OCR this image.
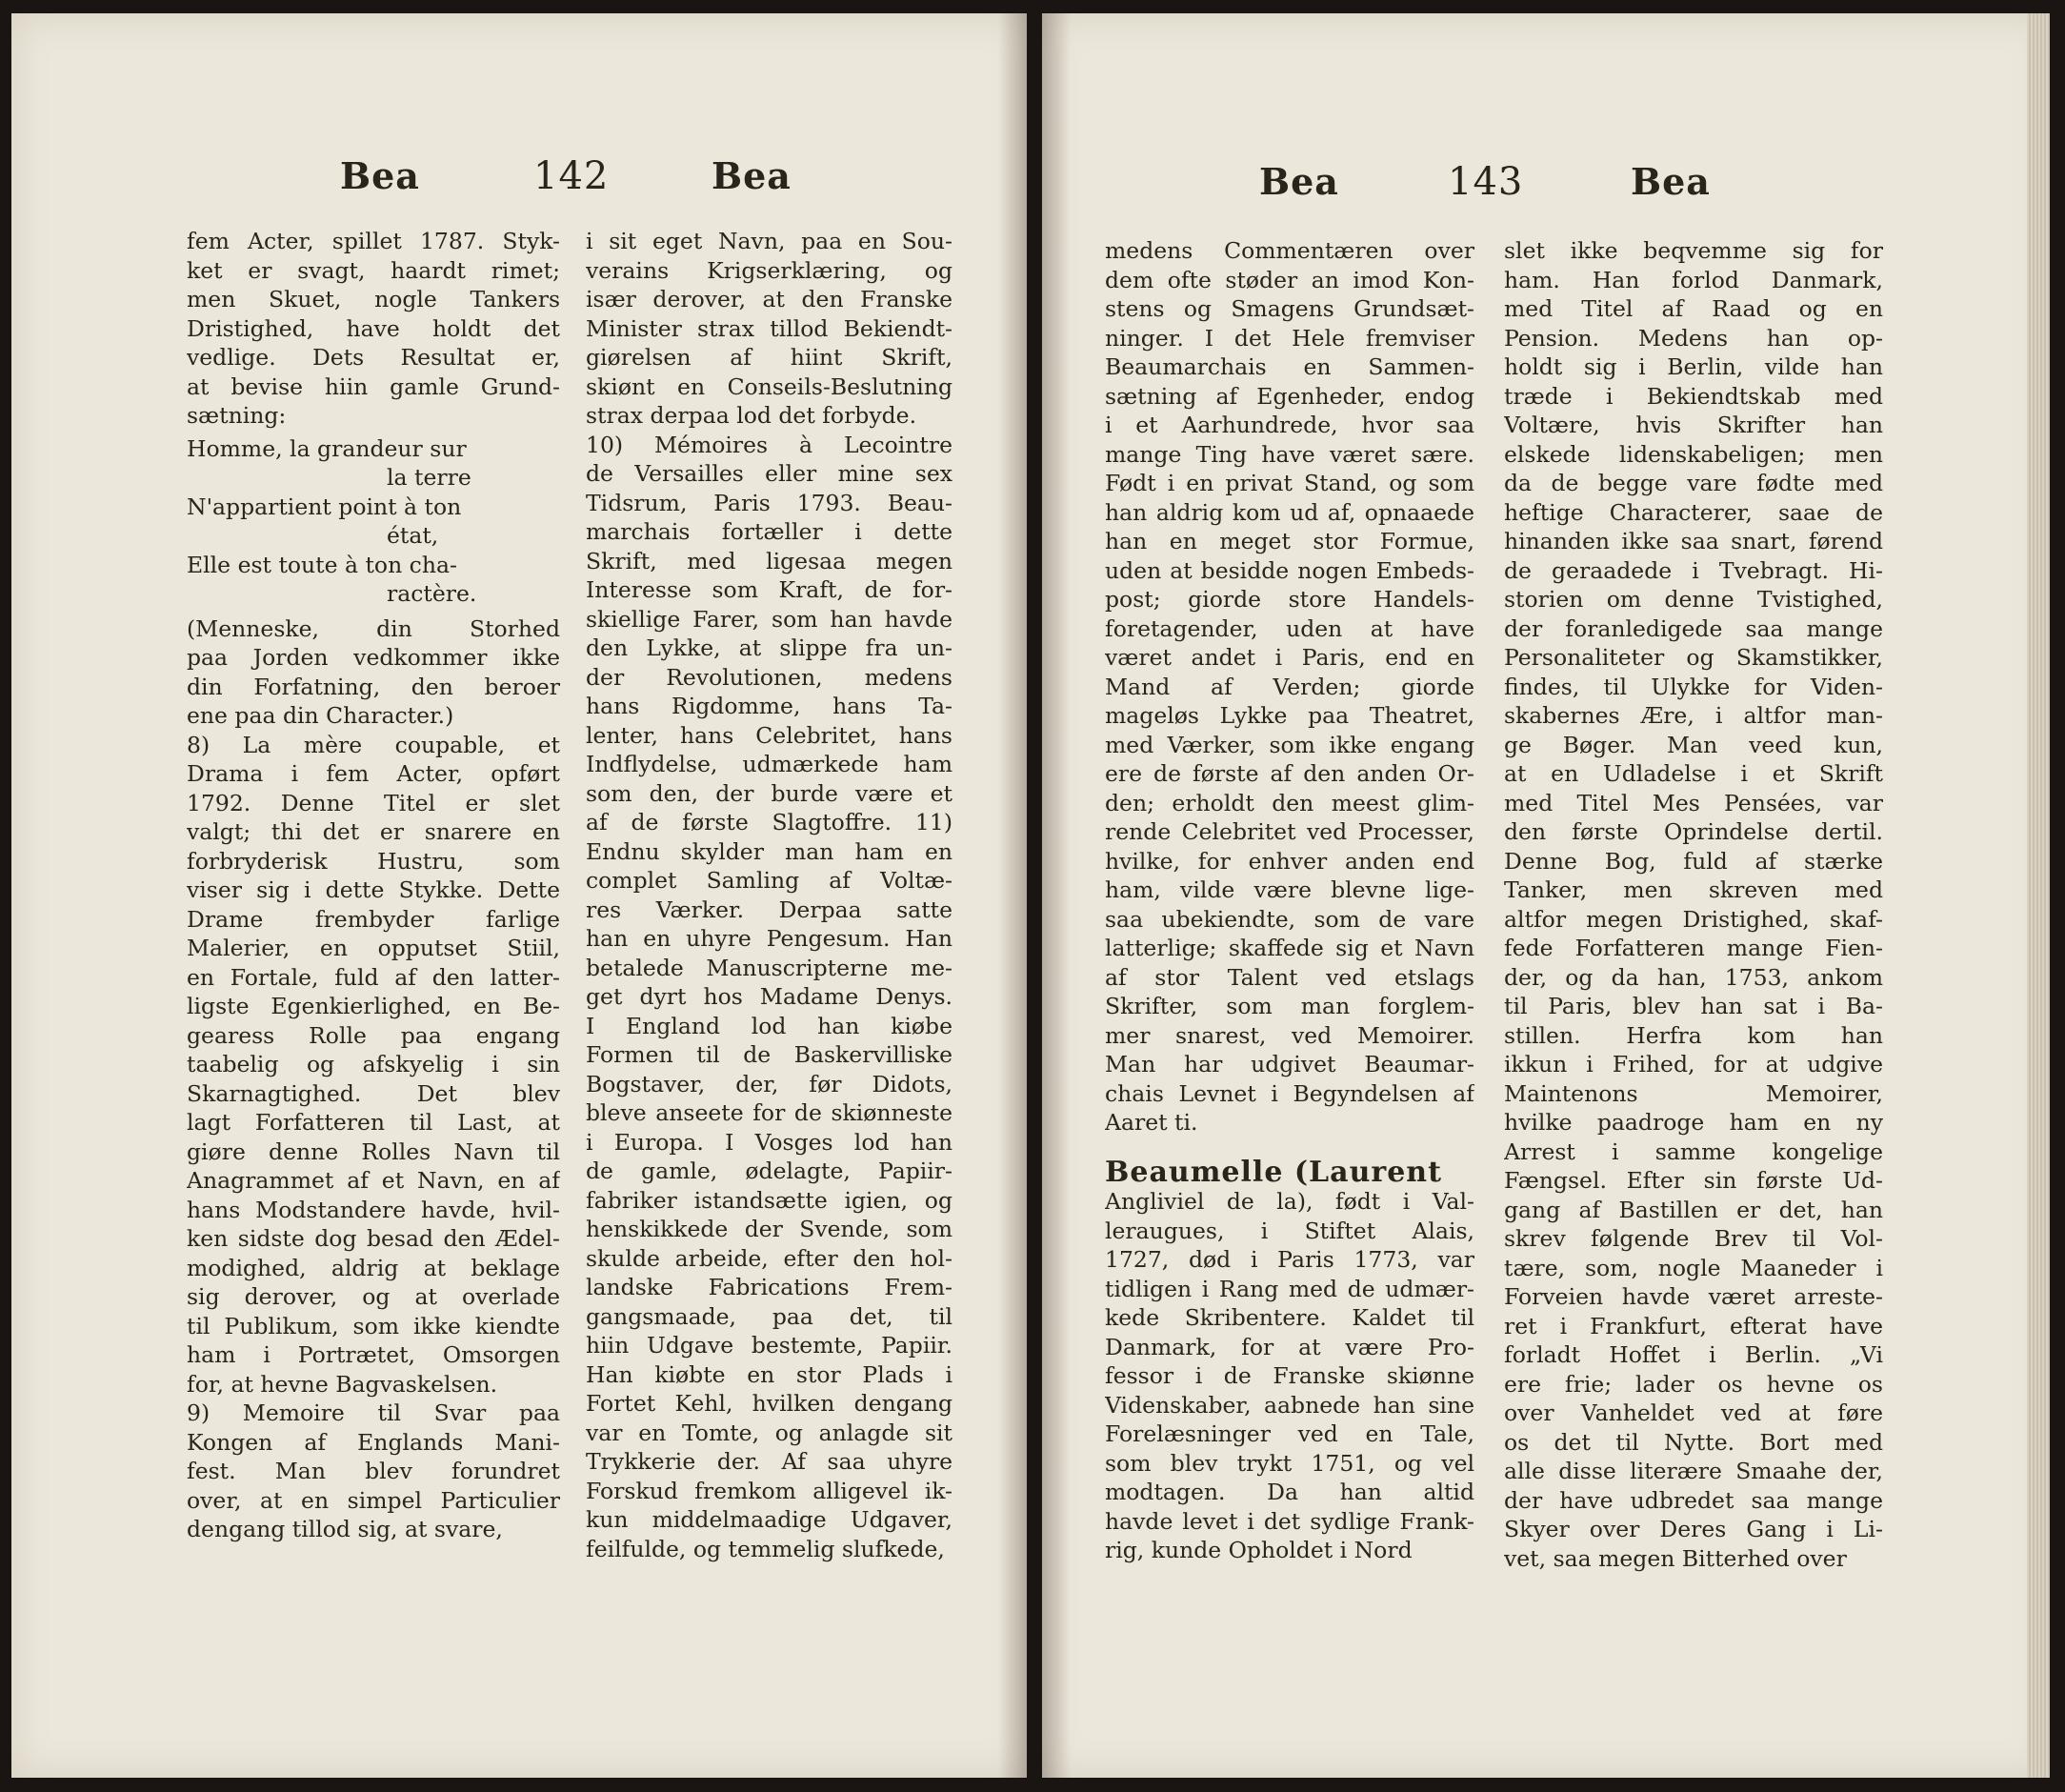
Bea	142	Bea
fem Acter, spillet 1787. Styk-
ket er svagt, haardt rimet;
men Skuet, nogle Tankers
Dristighed, have holdt det
vedlige. Dets Resultat er,
at bevise hiin gamle Grund-
sætning:
Homme, la grandeur sur
la terre
N'appartient point à ton
état,
Elle est toute à ton cha-
ractère.
(Menneske, din Storhed
paa Jorden vedkommer ikke
din Forfatning, den beroer
ene paa din Character.)
8) La mère coupable, et
Drama i fem Acter, opført
1792. Denne Titel er slet
valgt; thi det er snarere en
forbryderisk Hustru, som
viser sig i dette Stykke. Dette
Drame frembyder farlige
Malerier, en opputset Stiil,
en Fortale, fuld af den latter-
ligste Egenkierlighed, en Be-
gearess Rolle paa engang
taabelig og afskyelig i sin
Skarnagtighed. Det blev
lagt Forfatteren til Last, at
giøre denne Rolles Navn til
Anagrammet af et Navn, en af
hans Modstandere havde, hvil-
ken sidste dog besad den Ædel-
modighed, aldrig at beklage
sig derover, og at overlade
til Publikum, som ikke kiendte
ham i Portrætet, Omsorgen
for, at hevne Bagvaskelsen.
9) Memoire til Svar paa
Kongen af Englands Mani-
fest. Man blev forundret
over, at en simpel Particulier
dengang tillod sig, at svare,
i sit eget Navn, paa en Sou-
verains Krigserklæring, og
især derover, at den Franske
Minister strax tillod Bekiendt-
giørelsen af hiint Skrift,
skiønt en Conseils-Beslutning
strax derpaa lod det forbyde.
10) Mémoires à Lecointre
de Versailles eller mine sex
Tidsrum, Paris 1793. Beau-
marchais fortæller i dette
Skrift, med ligesaa megen
Interesse som Kraft, de for-
skiellige Farer, som han havde
den Lykke, at slippe fra un-
der Revolutionen, medens
hans Rigdomme, hans Ta-
lenter, hans Celebritet, hans
Indflydelse, udmærkede ham
som den, der burde være et
af de første Slagtoffre. 11)
Endnu skylder man ham en
complet Samling af Voltæ-
res Værker. Derpaa satte
han en uhyre Pengesum. Han
betalede Manuscripterne me-
get dyrt hos Madame Denys.
I England lod han kiøbe
Formen til de Baskervilliske
Bogstaver, der, før Didots,
bleve anseete for de skiønneste
i Europa. I Vosges lod han
de gamle, ødelagte, Papiir-
fabriker istandsætte igien, og
henskikkede der Svende, som
skulde arbeide, efter den hol-
landske Fabrications Frem-
gangsmaade, paa det, til
hiin Udgave bestemte, Papiir.
Han kiøbte en stor Plads i
Fortet Kehl, hvilken dengang
var en Tomte, og anlagde sit
Trykkerie der. Af saa uhyre
Forskud fremkom alligevel ik-
kun middelmaadige Udgaver,
feilfulde, og temmelig slufkede,
Bea	143	Bea
medens Commentæren over
dem ofte støder an imod Kon-
stens og Smagens Grundsæt-
ninger. I det Hele fremviser
Beaumarchais en Sammen-
sætning af Egenheder, endog
i et Aarhundrede, hvor saa
mange Ting have været sære.
Født i en privat Stand, og som
han aldrig kom ud af, opnaaede
han en meget stor Formue,
uden at besidde nogen Embeds-
post; giorde store Handels-
foretagender, uden at have
været andet i Paris, end en
Mand af Verden; giorde
mageløs Lykke paa Theatret,
med Værker, som ikke engang
ere de første af den anden Or-
den; erholdt den meest glim-
rende Celebritet ved Processer,
hvilke, for enhver anden end
ham, vilde være blevne lige-
saa ubekiendte, som de vare
latterlige; skaffede sig et Navn
af stor Talent ved etslags
Skrifter, som man forglem-
mer snarest, ved Memoirer.
Man har udgivet Beaumar-
chais Levnet i Begyndelsen af
Aaret ti.
Beaumelle (Laurent
Angliviel de la), født i Val-
leraugues, i Stiftet Alais,
1727, død i Paris 1773, var
tidligen i Rang med de udmær-
kede Skribentere. Kaldet til
Danmark, for at være Pro-
fessor i de Franske skiønne
Videnskaber, aabnede han sine
Forelæsninger ved en Tale,
som blev trykt 1751, og vel
modtagen. Da han altid
havde levet i det sydlige Frank-
rig, kunde Opholdet i Nord
slet ikke beqvemme sig for
ham. Han forlod Danmark,
med Titel af Raad og en
Pension. Medens han op-
holdt sig i Berlin, vilde han
træde i Bekiendtskab med
Voltære, hvis Skrifter han
elskede lidenskabeligen; men
da de begge vare fødte med
heftige Characterer, saae de
hinanden ikke saa snart, førend
de geraadede i Tvebragt. Hi-
storien om denne Tvistighed,
der foranledigede saa mange
Personaliteter og Skamstikker,
findes, til Ulykke for Viden-
skabernes Ære, i altfor man-
ge Bøger. Man veed kun,
at en Udladelse i et Skrift
med Titel Mes Pensées, var
den første Oprindelse dertil.
Denne Bog, fuld af stærke
Tanker, men skreven med
altfor megen Dristighed, skaf-
fede Forfatteren mange Fien-
der, og da han, 1753, ankom
til Paris, blev han sat i Ba-
stillen. Herfra kom han
ikkun i Frihed, for at udgive
Maintenons Memoirer,
hvilke paadroge ham en ny
Arrest i samme kongelige
Fængsel. Efter sin første Ud-
gang af Bastillen er det, han
skrev følgende Brev til Vol-
tære, som, nogle Maaneder i
Forveien havde været arreste-
ret i Frankfurt, efterat have
forladt Hoffet i Berlin. „Vi
ere frie; lader os hevne os
over Vanheldet ved at føre
os det til Nytte. Bort med
alle disse literære Smaahe der,
der have udbredet saa mange
Skyer over Deres Gang i Li-
vet, saa megen Bitterhed over
